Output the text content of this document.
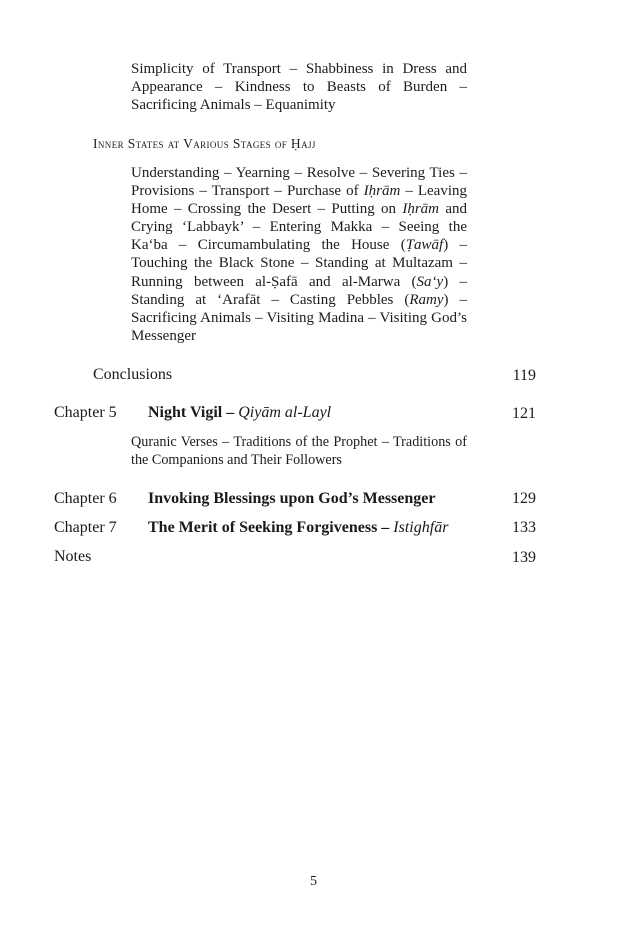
Simplicity of Transport – Shabbiness in Dress and Appearance – Kindness to Beasts of Burden – Sacrificing Animals – Equanimity
Inner States at Various Stages of Ḥajj
Understanding – Yearning – Resolve – Severing Ties – Provisions – Transport – Purchase of Iḥrām – Leaving Home – Crossing the Desert – Putting on Iḥrām and Crying ‘Labbayk’ – Entering Makka – Seeing the Ka‘ba – Circumambulating the House (Ṭawāf) – Touching the Black Stone – Standing at Multazam – Running between al-Ṣafā and al-Marwa (Sa‘y) – Standing at ‘Arafāt – Casting Pebbles (Ramy) – Sacrificing Animals – Visiting Madina – Visiting God’s Messenger
Conclusions	119
Chapter 5 Night Vigil – Qiyām al-Layl	121
Quranic Verses – Traditions of the Prophet – Traditions of the Companions and Their Followers
Chapter 6 Invoking Blessings upon God’s Messenger	129
Chapter 7 The Merit of Seeking Forgiveness – Istighfār	133
Notes	139
5
